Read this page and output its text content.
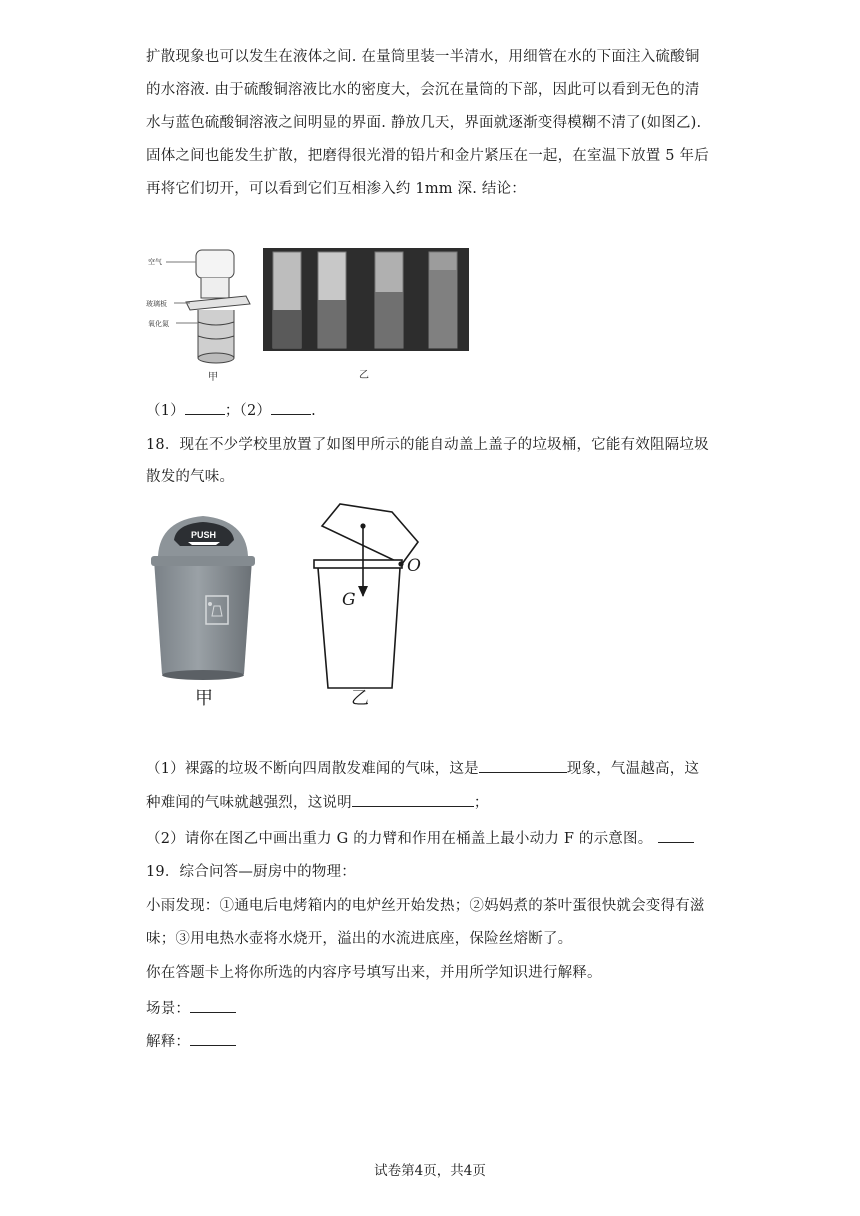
扩散现象也可以发生在液体之间. 在量筒里装一半清水，用细管在水的下面注入硫酸铜
的水溶液. 由于硫酸铜溶液比水的密度大，会沉在量筒的下部，因此可以看到无色的清
水与蓝色硫酸铜溶液之间明显的界面. 静放几天，界面就逐渐变得模糊不清了(如图乙).
固体之间也能发生扩散，把磨得很光滑的铅片和金片紧压在一起，在室温下放置 5 年后
再将它们切开，可以看到它们互相渗入约 1mm 深. 结论：
空气
玻璃板
氧化氮
甲	乙
（1）	；（2）	.
18．现在不少学校里放置了如图甲所示的能自动盖上盖子的垃圾桶，它能有效阻隔垃圾
散发的气味。
PUSH
甲
O
G
乙
（1）裸露的垃圾不断向四周散发难闻的气味，这是	现象，气温越高，这
种难闻的气味就越强烈，这说明	；
（2）请你在图乙中画出重力 G 的力臂和作用在桶盖上最小动力 F 的示意图。
19．综合问答—厨房中的物理：
小雨发现：①通电后电烤箱内的电炉丝开始发热；②妈妈煮的茶叶蛋很快就会变得有滋
味；③用电热水壶将水烧开，溢出的水流进底座，保险丝熔断了。
你在答题卡上将你所选的内容序号填写出来，并用所学知识进行解释。
场景：
解释：
试卷第4页，共4页
